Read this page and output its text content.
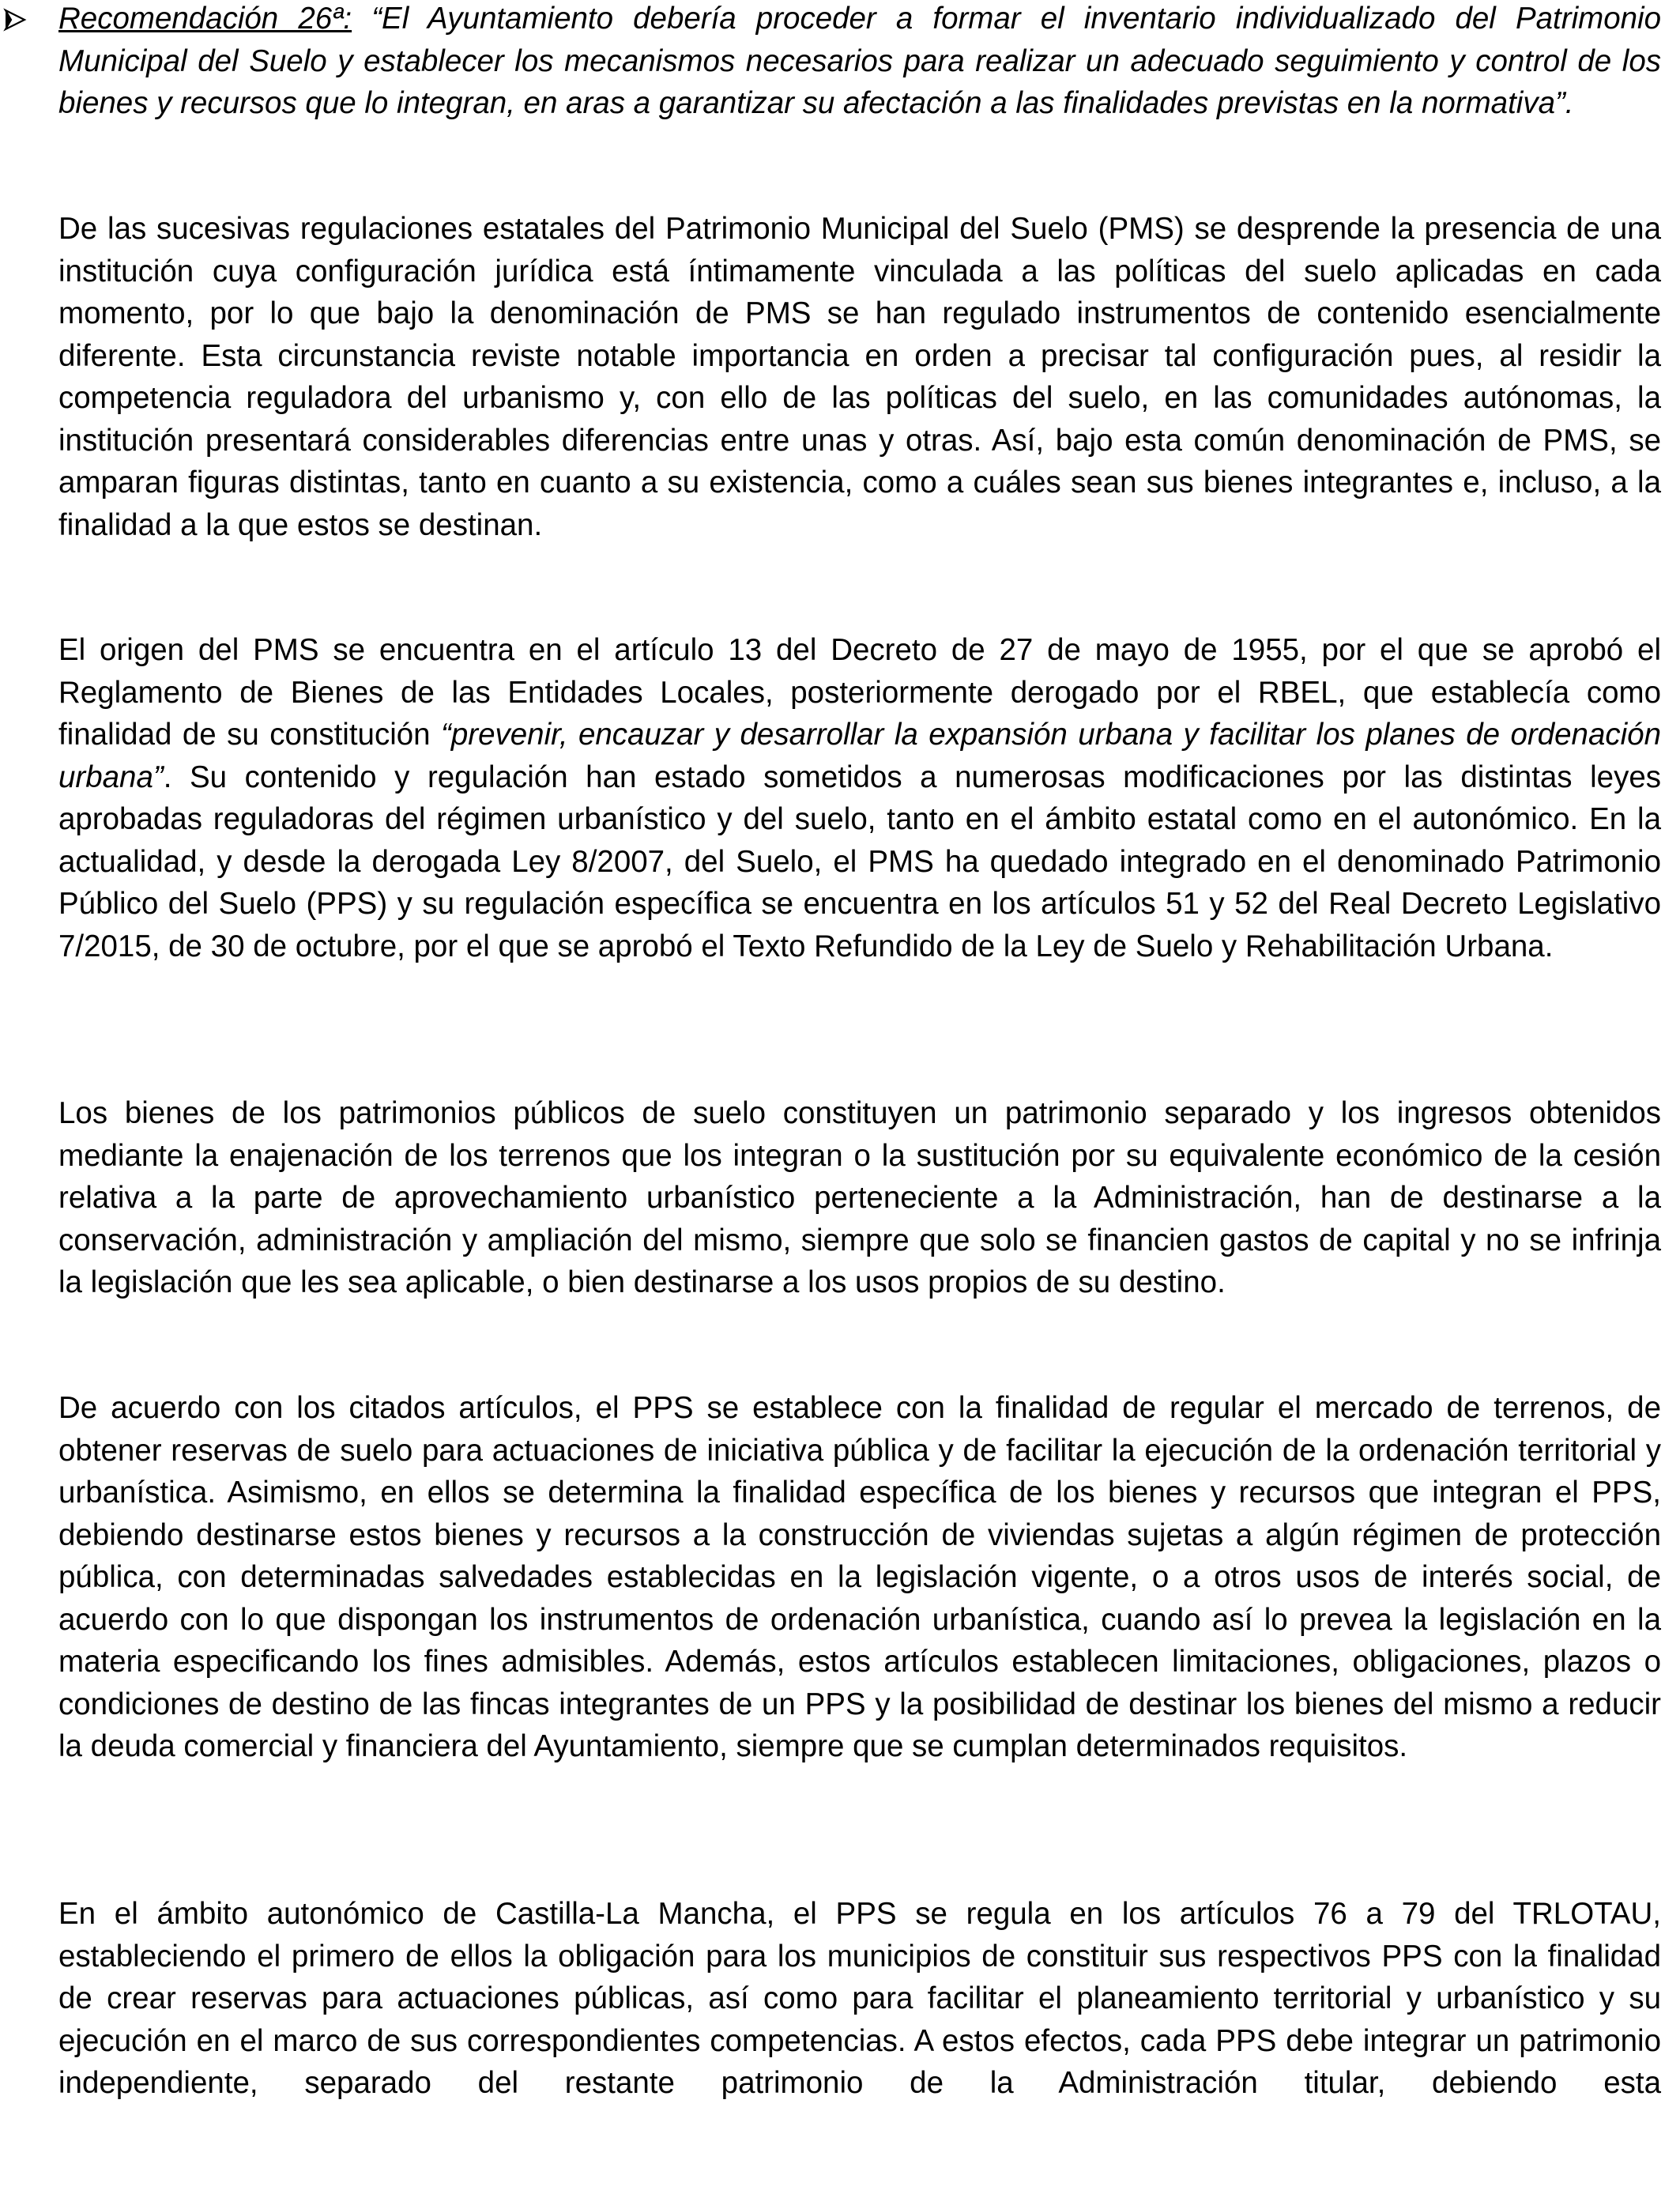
Recomendación 26ª: “El Ayuntamiento debería proceder a formar el inventario individualizado del Patrimonio Municipal del Suelo y establecer los mecanismos necesarios para realizar un adecuado seguimiento y control de los bienes y recursos que lo integran, en aras a garantizar su afectación a las finalidades previstas en la normativa”.
De las sucesivas regulaciones estatales del Patrimonio Municipal del Suelo (PMS) se desprende la presencia de una institución cuya configuración jurídica está íntimamente vinculada a las políticas del suelo aplicadas en cada momento, por lo que bajo la denominación de PMS se han regulado instrumentos de contenido esencialmente diferente. Esta circunstancia reviste notable importancia en orden a precisar tal configuración pues, al residir la competencia reguladora del urbanismo y, con ello de las políticas del suelo, en las comunidades autónomas, la institución presentará considerables diferencias entre unas y otras. Así, bajo esta común denominación de PMS, se amparan figuras distintas, tanto en cuanto a su existencia, como a cuáles sean sus bienes integrantes e, incluso, a la finalidad a la que estos se destinan.
El origen del PMS se encuentra en el artículo 13 del Decreto de 27 de mayo de 1955, por el que se aprobó el Reglamento de Bienes de las Entidades Locales, posteriormente derogado por el RBEL, que establecía como finalidad de su constitución “prevenir, encauzar y desarrollar la expansión urbana y facilitar los planes de ordenación urbana”. Su contenido y regulación han estado sometidos a numerosas modificaciones por las distintas leyes aprobadas reguladoras del régimen urbanístico y del suelo, tanto en el ámbito estatal como en el autonómico. En la actualidad, y desde la derogada Ley 8/2007, del Suelo, el PMS ha quedado integrado en el denominado Patrimonio Público del Suelo (PPS) y su regulación específica se encuentra en los artículos 51 y 52 del Real Decreto Legislativo 7/2015, de 30 de octubre, por el que se aprobó el Texto Refundido de la Ley de Suelo y Rehabilitación Urbana.
Los bienes de los patrimonios públicos de suelo constituyen un patrimonio separado y los ingresos obtenidos mediante la enajenación de los terrenos que los integran o la sustitución por su equivalente económico de la cesión relativa a la parte de aprovechamiento urbanístico perteneciente a la Administración, han de destinarse a la conservación, administración y ampliación del mismo, siempre que solo se financien gastos de capital y no se infrinja la legislación que les sea aplicable, o bien destinarse a los usos propios de su destino.
De acuerdo con los citados artículos, el PPS se establece con la finalidad de regular el mercado de terrenos, de obtener reservas de suelo para actuaciones de iniciativa pública y de facilitar la ejecución de la ordenación territorial y urbanística. Asimismo, en ellos se determina la finalidad específica de los bienes y recursos que integran el PPS, debiendo destinarse estos bienes y recursos a la construcción de viviendas sujetas a algún régimen de protección pública, con determinadas salvedades establecidas en la legislación vigente, o a otros usos de interés social, de acuerdo con lo que dispongan los instrumentos de ordenación urbanística, cuando así lo prevea la legislación en la materia especificando los fines admisibles. Además, estos artículos establecen limitaciones, obligaciones, plazos o condiciones de destino de las fincas integrantes de un PPS y la posibilidad de destinar los bienes del mismo a reducir la deuda comercial y financiera del Ayuntamiento, siempre que se cumplan determinados requisitos.
En el ámbito autonómico de Castilla-La Mancha, el PPS se regula en los artículos 76 a 79 del TRLOTAU, estableciendo el primero de ellos la obligación para los municipios de constituir sus respectivos PPS con la finalidad de crear reservas para actuaciones públicas, así como para facilitar el planeamiento territorial y urbanístico y su ejecución en el marco de sus correspondientes competencias. A estos efectos, cada PPS debe integrar un patrimonio independiente, separado del restante patrimonio de la Administración titular, debiendo esta
